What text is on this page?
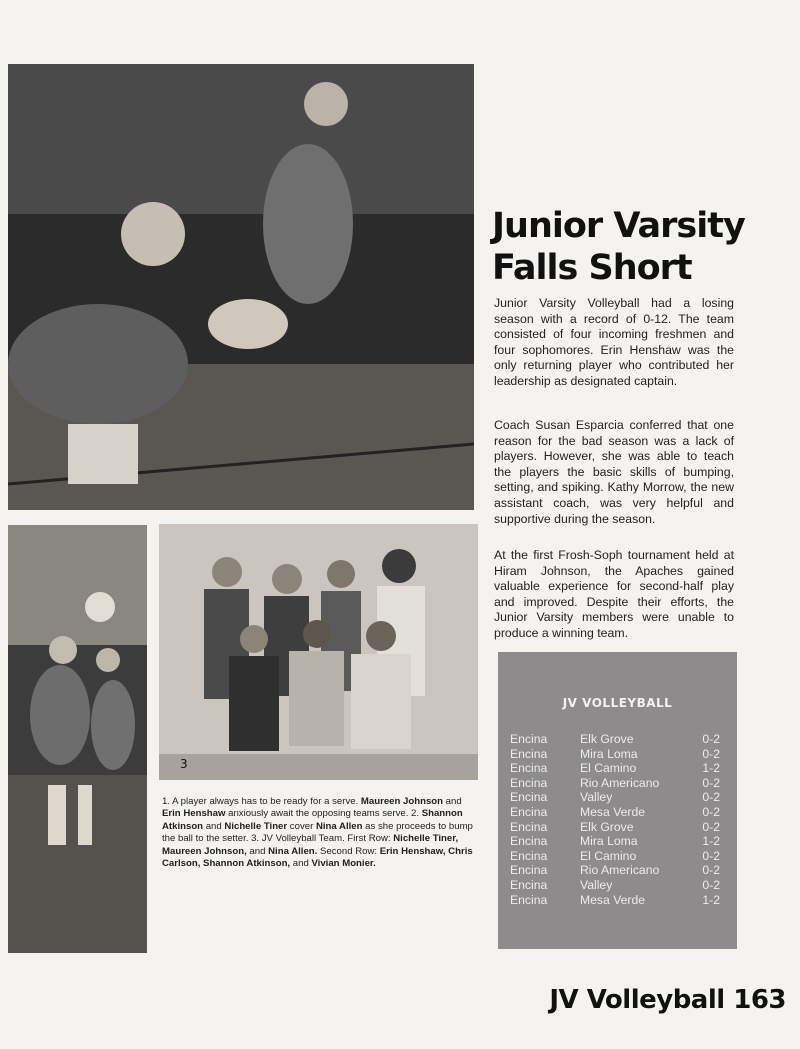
3
Junior Varsity
Falls Short

Junior Varsity Volleyball had a losing season with a record of 0-12. The team consisted of four incoming freshmen and four sophomores. Erin Henshaw was the only returning player who contributed her leadership as designated captain.

Coach Susan Esparcia conferred that one reason for the bad season was a lack of players. However, she was able to teach the players the basic skills of bumping, setting, and spiking. Kathy Morrow, the new assistant coach, was very helpful and supportive during the season.

At the first Frosh-Soph tournament held at Hiram Johnson, the Apaches gained valuable experience for second-half play and improved. Despite their efforts, the Junior Varsity members were unable to produce a winning team.

1. A player always has to be ready for a serve. Maureen Johnson and Erin Henshaw anxiously await the opposing teams serve. 2. Shannon Atkinson and Nichelle Tiner cover Nina Allen as she proceeds to bump the ball to the setter. 3. JV Volleyball Team. First Row: Nichelle Tiner, Maureen Johnson, and Nina Allen. Second Row: Erin Henshaw, Chris Carlson, Shannon Atkinson, and Vivian Monier.
JV VOLLEYBALL
Encina	Elk Grove	0-2
Encina	Mira Loma	0-2
Encina	El Camino	1-2
Encina	Rio Americano	0-2
Encina	Valley	0-2
Encina	Mesa Verde	0-2
Encina	Elk Grove	0-2
Encina	Mira Loma	1-2
Encina	El Camino	0-2
Encina	Rio Americano	0-2
Encina	Valley	0-2
Encina	Mesa Verde	1-2
JV Volleyball 163
